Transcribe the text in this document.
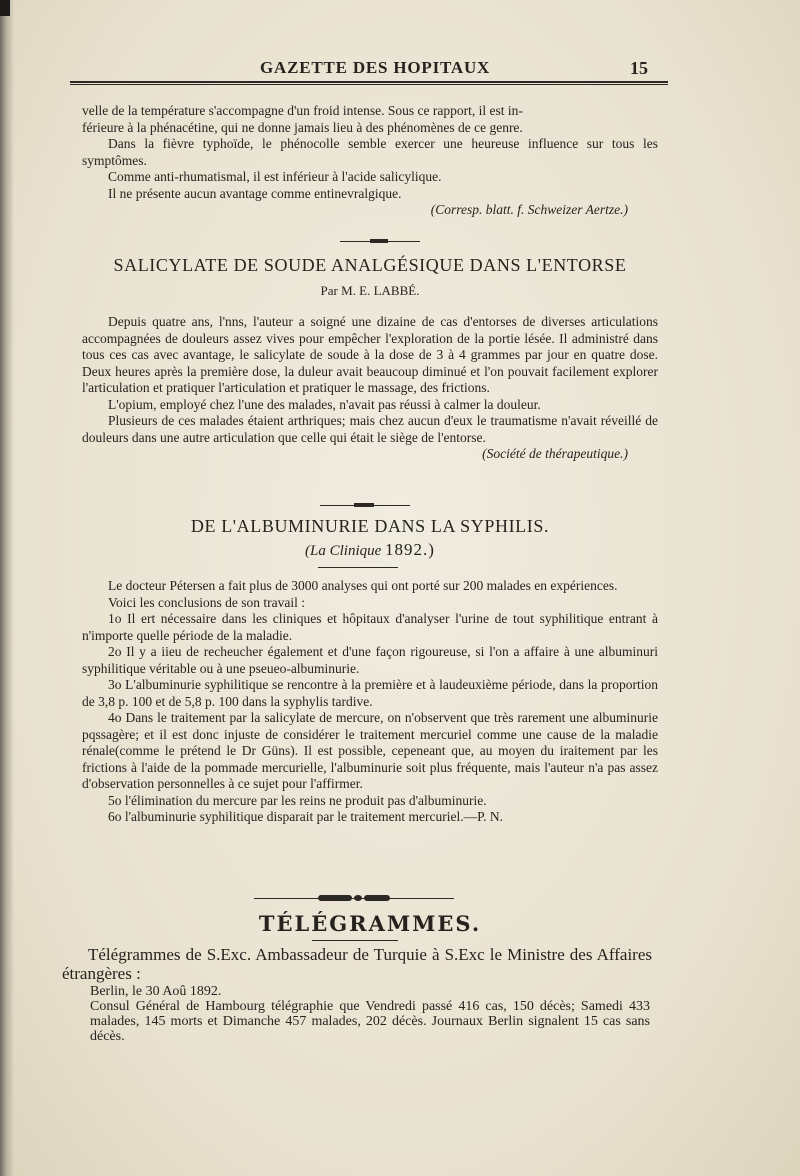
GAZETTE DES HOPITAUX	15

velle de la température s'accompagne d'un froid intense. Sous ce rapport, il est in-

férieure à la phénacétine, qui ne donne jamais lieu à des phénomènes de ce genre.

Dans la fièvre typhoïde, le phénocolle semble exercer une heureuse influence sur tous les symptômes.

Comme anti-rhumatismal, il est inférieur à l'acide salicylique.

Il ne présente aucun avantage comme entinevralgique.

(Corresp. blatt. f. Schweizer Aertze.)

SALICYLATE DE SOUDE ANALGÉSIQUE DANS L'ENTORSE
Par M. E. LABBÉ.

Depuis quatre ans, l'nns, l'auteur a soigné une dizaine de cas d'entorses de diverses articulations accompagnées de douleurs assez vives pour empêcher l'exploration de la portie lésée. Il administré dans tous ces cas avec avantage, le salicylate de soude à la dose de 3 à 4 grammes par jour en quatre dose. Deux heures après la première dose, la duleur avait beaucoup diminué et l'on pouvait facilement explorer l'articulation et pratiquer l'articulation et pratiquer le massage, des frictions.

L'opium, employé chez l'une des malades, n'avait pas réussi à calmer la douleur.

Plusieurs de ces malades étaient arthriques; mais chez aucun d'eux le traumatisme n'avait réveillé de douleurs dans une autre articulation que celle qui était le siège de l'entorse.

(Société de thérapeutique.)

DE L'ALBUMINURIE DANS LA SYPHILIS.
(La Clinique 1892.)

Le docteur Pétersen a fait plus de 3000 analyses qui ont porté sur 200 malades en expériences.

Voici les conclusions de son travail :

1o Il ert nécessaire dans les cliniques et hôpitaux d'analyser l'urine de tout syphilitique entrant à n'importe quelle période de la maladie.

2o Il y a iieu de recheucher également et d'une façon rigoureuse, si l'on a affaire à une albuminuri syphilitique véritable ou à une pseueo-albuminurie.

3o L'albuminurie syphilitique se rencontre à la première et à laudeuxième période, dans la proportion de 3,8 p. 100 et de 5,8 p. 100 dans la syphylis tardive.

4o Dans le traitement par la salicylate de mercure, on n'observent que très rarement une albuminurie pqssagère; et il est donc injuste de considérer le traitement mercuriel comme une cause de la maladie rénale(comme le prétend le Dr Güns). Il est possible, cepeneant que, au moyen du iraitement par les frictions à l'aide de la pommade mercurielle, l'albuminurie soit plus fréquente, mais l'auteur n'a pas assez d'observation personnelles à ce sujet pour l'affirmer.

5o l'élimination du mercure par les reins ne produit pas d'albuminurie.

6o l'albuminurie syphilitique disparait par le traitement mercuriel.—P. N.

TÉLÉGRAMMES.

Télégrammes de S.Exc. Ambassadeur de Turquie à S.Exc le Ministre des Affaires étrangères :

Berlin, le 30 Aoû 1892.

Consul Général de Hambourg télégraphie que Vendredi passé 416 cas, 150 décès; Samedi 433 malades, 145 morts et Dimanche 457 malades, 202 décès. Journaux Berlin signalent 15 cas sans décès.
